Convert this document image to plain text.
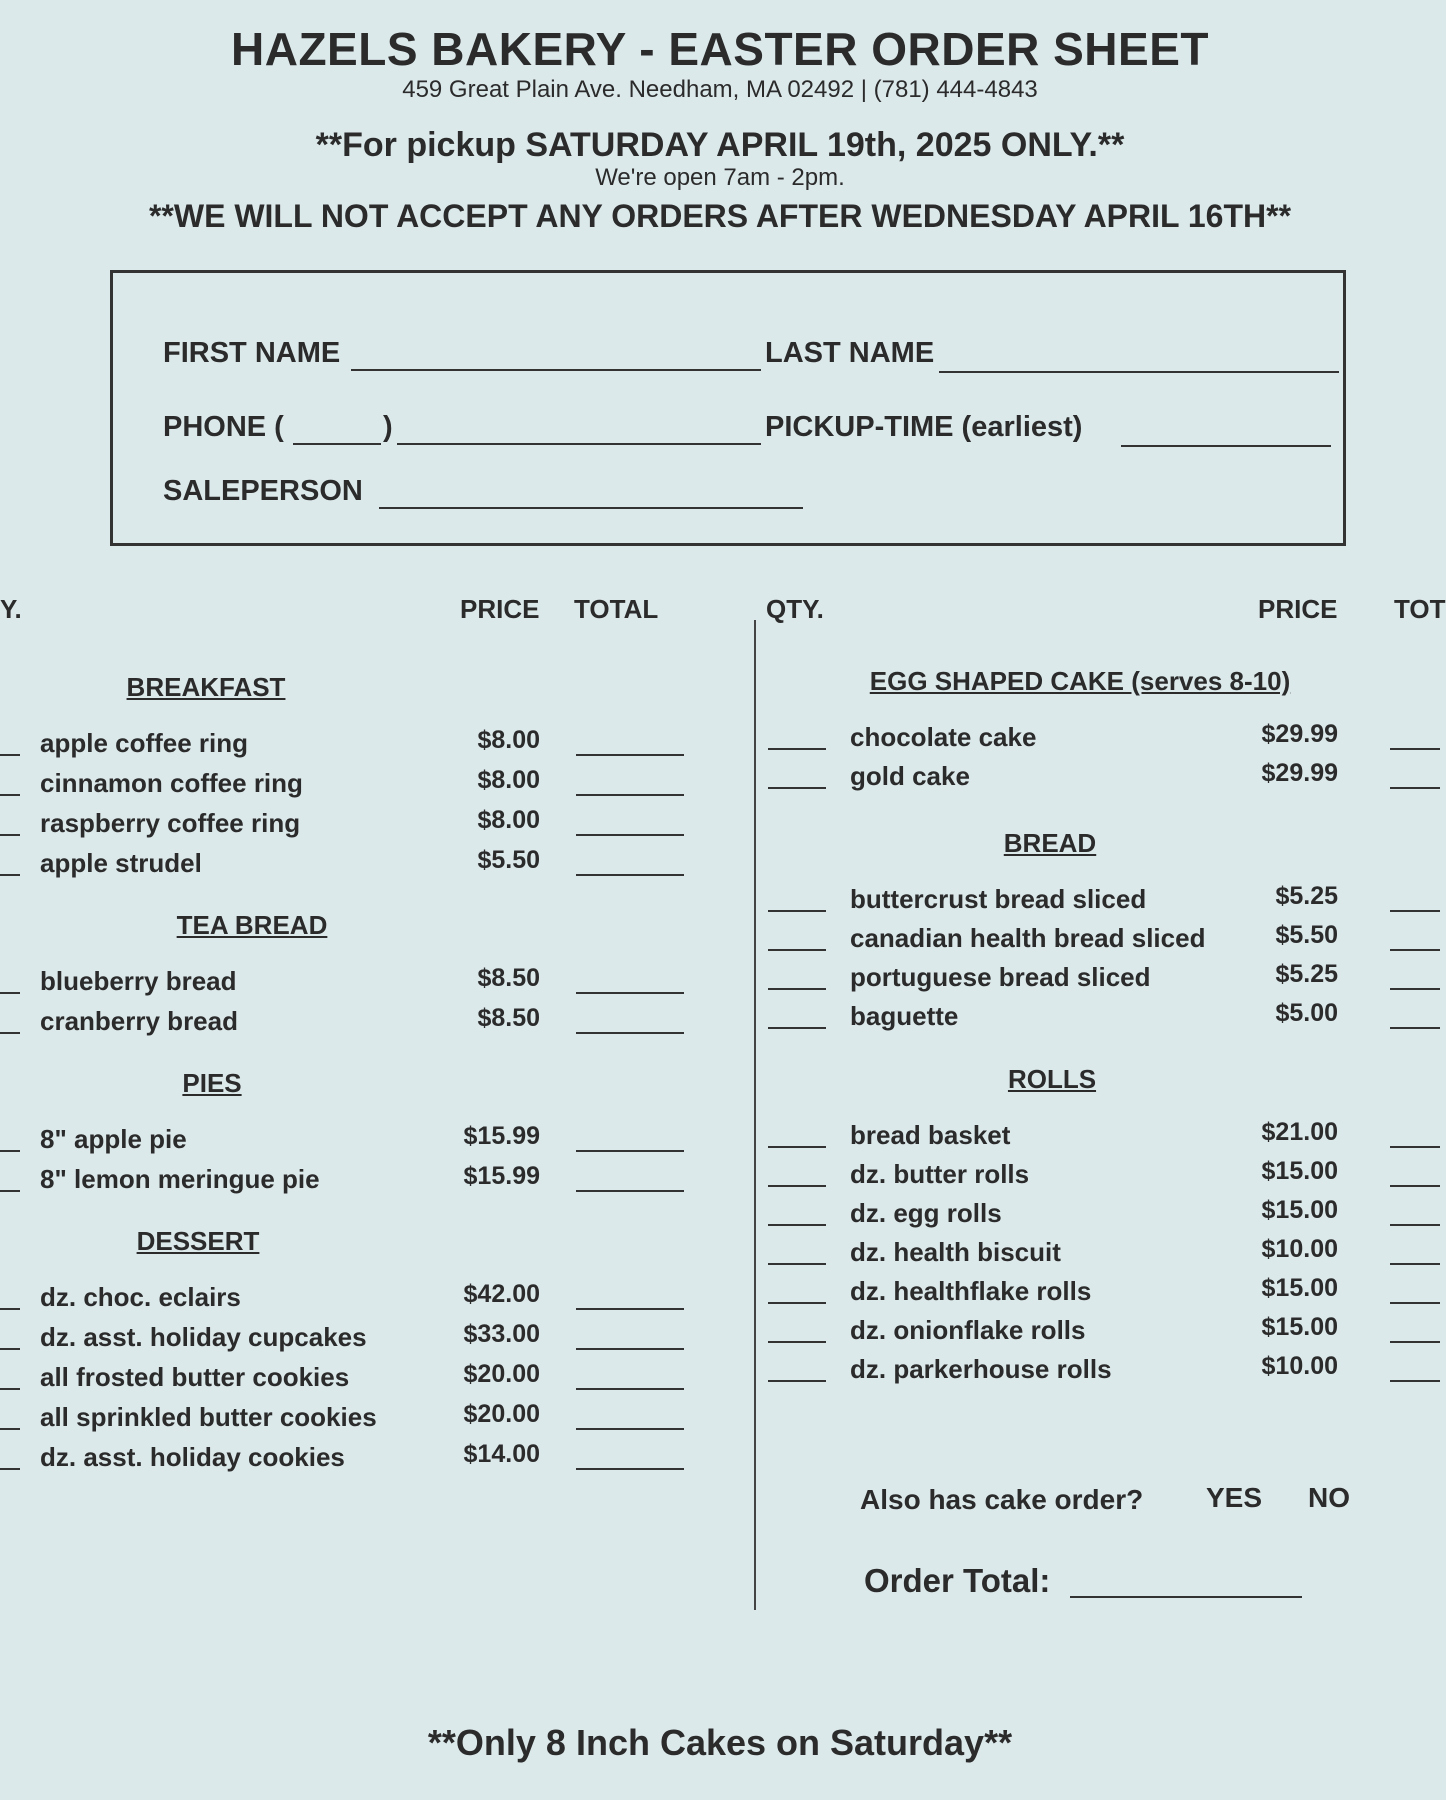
HAZELS BAKERY - EASTER ORDER SHEET
459 Great Plain Ave. Needham, MA 02492 | (781) 444-4843
**For pickup SATURDAY APRIL 19th, 2025 ONLY.**
We're open 7am - 2pm.
**WE WILL NOT ACCEPT ANY ORDERS AFTER WEDNESDAY APRIL 16TH**
FIRST NAME	LAST NAME
PHONE (	)	PICKUP-TIME (earliest)
SALEPERSON
Y.	PRICE TOTAL	QTY.	PRICE TOT
BREAKFAST
apple coffee ring	$8.00
cinnamon coffee ring	$8.00
raspberry coffee ring	$8.00
apple strudel	$5.50
TEA BREAD
blueberry bread	$8.50
cranberry bread	$8.50
PIES
8" apple pie	$15.99
8" lemon meringue pie	$15.99
DESSERT
dz. choc. eclairs	$42.00
dz. asst. holiday cupcakes	$33.00
all frosted butter cookies	$20.00
all sprinkled butter cookies	$20.00
dz. asst. holiday cookies	$14.00
EGG SHAPED CAKE (serves 8-10)
chocolate cake	$29.99
gold cake	$29.99
BREAD
buttercrust bread sliced	$5.25
canadian health bread sliced	$5.50
portuguese bread sliced	$5.25
baguette	$5.00
ROLLS
bread basket	$21.00
dz. butter rolls	$15.00
dz. egg rolls	$15.00
dz. health biscuit	$10.00
dz. healthflake rolls	$15.00
dz. onionflake rolls	$15.00
dz. parkerhouse rolls	$10.00
Also has cake order? YES NO
Order Total:
**Only 8 Inch Cakes on Saturday**
